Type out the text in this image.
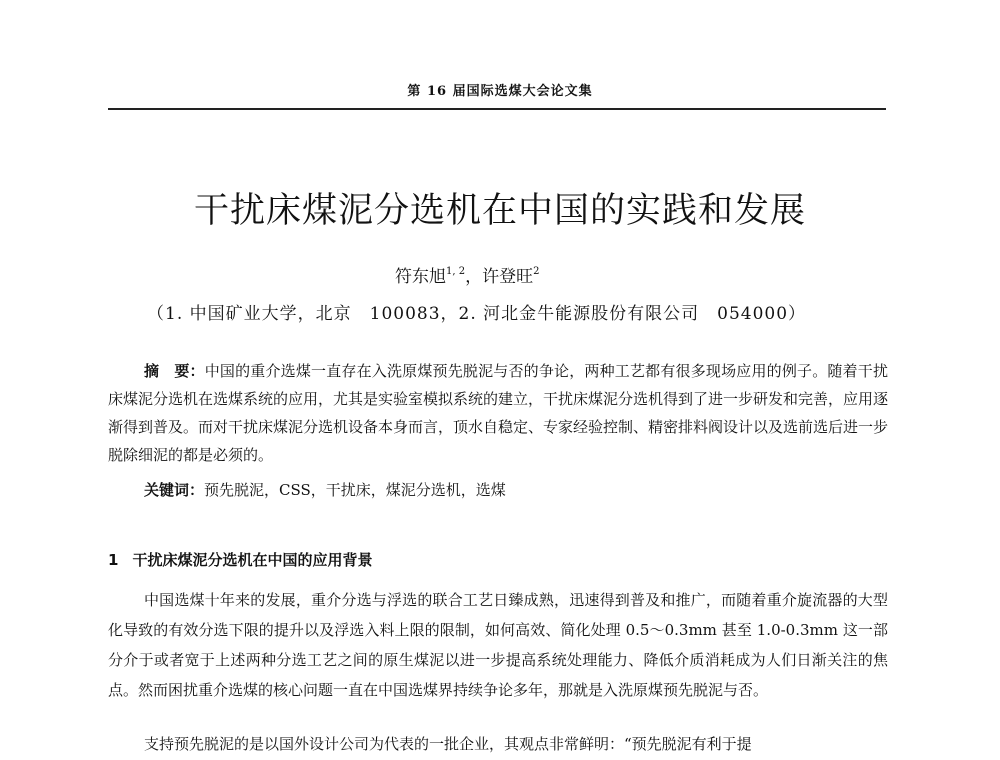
第 16 届国际选煤大会论文集
干扰床煤泥分选机在中国的实践和发展
符东旭$^{1, 2}$，许登旺$^2$
（1. 中国矿业大学，北京　100083，2. 河北金牛能源股份有限公司　054000）

摘　要：中国的重介选煤一直存在入洗原煤预先脱泥与否的争论，两种工艺都有很多现场应用的例子。随着干扰床煤泥分选机在选煤系统的应用，尤其是实验室模拟系统的建立，干扰床煤泥分选机得到了进一步研发和完善，应用逐渐得到普及。而对干扰床煤泥分选机设备本身而言，顶水自稳定、专家经验控制、精密排料阀设计以及选前选后进一步脱除细泥的都是必须的。

关键词：预先脱泥，CSS，干扰床，煤泥分选机，选煤
1 干扰床煤泥分选机在中国的应用背景

中国选煤十年来的发展，重介分选与浮选的联合工艺日臻成熟，迅速得到普及和推广，而随着重介旋流器的大型化导致的有效分选下限的提升以及浮选入料上限的限制，如何高效、简化处理 0.5～0.3mm 甚至 1.0-0.3mm 这一部分介于或者宽于上述两种分选工艺之间的原生煤泥以进一步提高系统处理能力、降低介质消耗成为人们日渐关注的焦点。然而困扰重介选煤的核心问题一直在中国选煤界持续争论多年，那就是入洗原煤预先脱泥与否。

支持预先脱泥的是以国外设计公司为代表的一批企业，其观点非常鲜明：“预先脱泥有利于提
